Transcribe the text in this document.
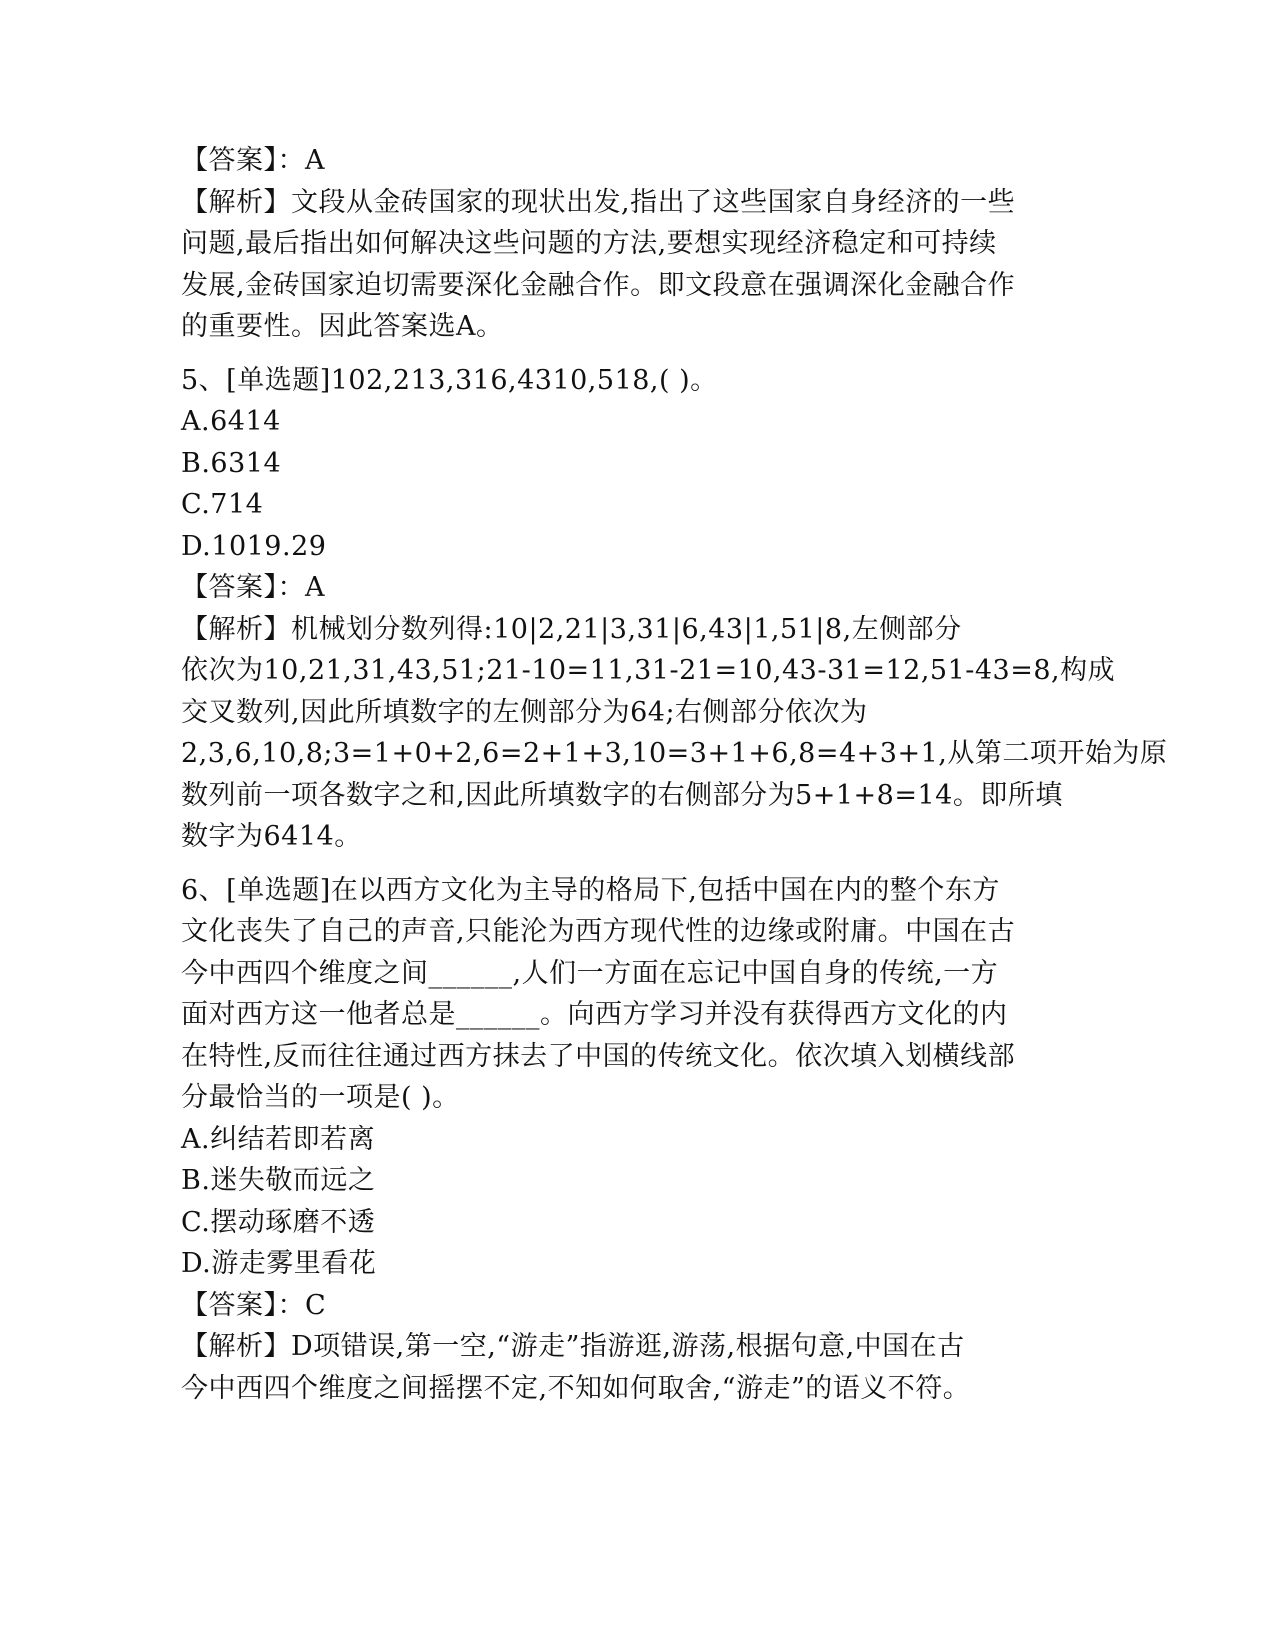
【答案】：A
【解析】文段从金砖国家的现状出发,指出了这些国家自身经济的一些
问题,最后指出如何解决这些问题的方法,要想实现经济稳定和可持续
发展,金砖国家迫切需要深化金融合作。即文段意在强调深化金融合作
的重要性。因此答案选A。
5、[单选题]102,213,316,4310,518,( )。
A.6414
B.6314
C.714
D.1019.29
【答案】：A
【解析】机械划分数列得:10|2,21|3,31|6,43|1,51|8,左侧部分
依次为10,21,31,43,51;21-10=11,31-21=10,43-31=12,51-43=8,构成
交叉数列,因此所填数字的左侧部分为64;右侧部分依次为
2,3,6,10,8;3=1+0+2,6=2+1+3,10=3+1+6,8=4+3+1,从第二项开始为原
数列前一项各数字之和,因此所填数字的右侧部分为5+1+8=14。即所填
数字为6414。
6、[单选题]在以西方文化为主导的格局下,包括中国在内的整个东方
文化丧失了自己的声音,只能沦为西方现代性的边缘或附庸。中国在古
今中西四个维度之间______,人们一方面在忘记中国自身的传统,一方
面对西方这一他者总是______。向西方学习并没有获得西方文化的内
在特性,反而往往通过西方抹去了中国的传统文化。依次填入划横线部
分最恰当的一项是( )。
A.纠结若即若离
B.迷失敬而远之
C.摆动琢磨不透
D.游走雾里看花
【答案】：C
【解析】D项错误,第一空,“游走”指游逛,游荡,根据句意,中国在古
今中西四个维度之间摇摆不定,不知如何取舍,“游走”的语义不符。
